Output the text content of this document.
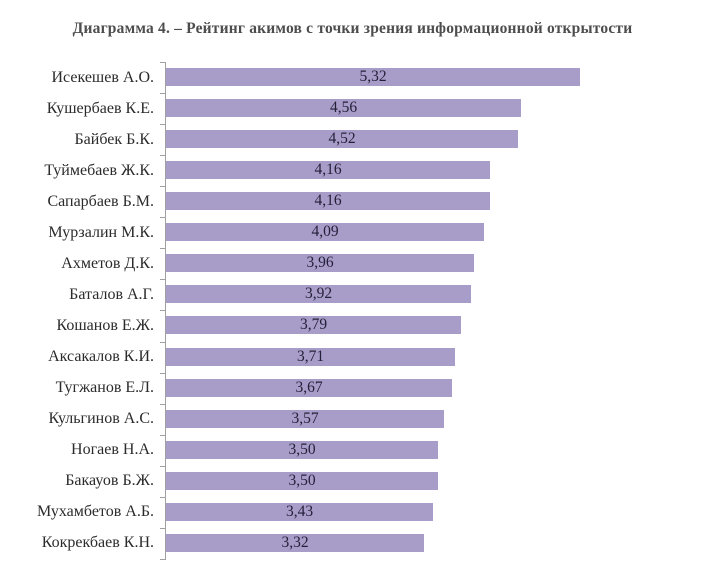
Диаграмма 4. – Рейтинг акимов с точки зрения информационной открытости
Исекешев А.О.	5,32
Кушербаев К.Е.	4,56
Байбек Б.К.	4,52
Туймебаев Ж.К.	4,16
Сапарбаев Б.М.	4,16
Мурзалин М.К.	4,09
Ахметов Д.К.	3,96
Баталов А.Г.	3,92
Кошанов Е.Ж.	3,79
Аксакалов К.И.	3,71
Тугжанов Е.Л.	3,67
Кульгинов А.С.	3,57
Ногаев Н.А.	3,50
Бакауов Б.Ж.	3,50
Мухамбетов А.Б.	3,43
Кокрекбаев К.Н.	3,32
